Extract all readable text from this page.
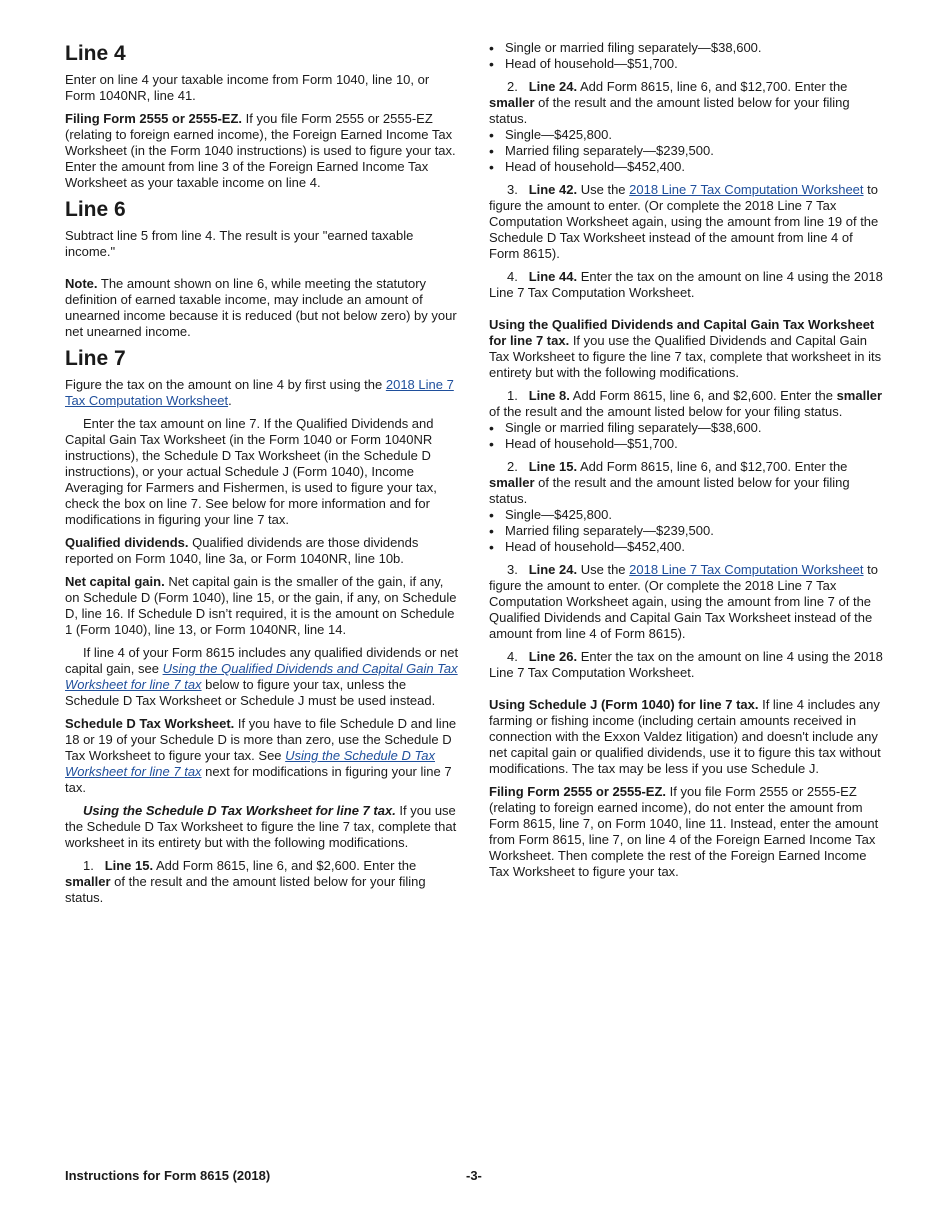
Line 4

Enter on line 4 your taxable income from Form 1040, line 10, or Form 1040NR, line 41.

Filing Form 2555 or 2555-EZ. If you file Form 2555 or 2555-EZ (relating to foreign earned income), the Foreign Earned Income Tax Worksheet (in the Form 1040 instructions) is used to figure your tax. Enter the amount from line 3 of the Foreign Earned Income Tax Worksheet as your taxable income on line 4.

Line 6

Subtract line 5 from line 4. The result is your "earned taxable income."

Note. The amount shown on line 6, while meeting the statutory definition of earned taxable income, may include an amount of unearned income because it is reduced (but not below zero) by your net unearned income.

Line 7

Figure the tax on the amount on line 4 by first using the 2018 Line 7 Tax Computation Worksheet.

Enter the tax amount on line 7. If the Qualified Dividends and Capital Gain Tax Worksheet (in the Form 1040 or Form 1040NR instructions), the Schedule D Tax Worksheet (in the Schedule D instructions), or your actual Schedule J (Form 1040), Income Averaging for Farmers and Fishermen, is used to figure your tax, check the box on line 7. See below for more information and for modifications in figuring your line 7 tax.

Qualified dividends. Qualified dividends are those dividends reported on Form 1040, line 3a, or Form 1040NR, line 10b.

Net capital gain. Net capital gain is the smaller of the gain, if any, on Schedule D (Form 1040), line 15, or the gain, if any, on Schedule D, line 16. If Schedule D isn’t required, it is the amount on Schedule 1 (Form 1040), line 13, or Form 1040NR, line 14.

If line 4 of your Form 8615 includes any qualified dividends or net capital gain, see Using the Qualified Dividends and Capital Gain Tax Worksheet for line 7 tax below to figure your tax, unless the Schedule D Tax Worksheet or Schedule J must be used instead.

Schedule D Tax Worksheet. If you have to file Schedule D and line 18 or 19 of your Schedule D is more than zero, use the Schedule D Tax Worksheet to figure your tax. See Using the Schedule D Tax Worksheet for line 7 tax next for modifications in figuring your line 7 tax.

Using the Schedule D Tax Worksheet for line 7 tax. If you use the Schedule D Tax Worksheet to figure the line 7 tax, complete that worksheet in its entirety but with the following modifications.

1. Line 15. Add Form 8615, line 6, and $2,600. Enter the smaller of the result and the amount listed below for your filing status.

• Single or married filing separately—$38,600.
• Head of household—$51,700.

2. Line 24. Add Form 8615, line 6, and $12,700. Enter the smaller of the result and the amount listed below for your filing status.

• Single—$425,800.
• Married filing separately—$239,500.
• Head of household—$452,400.

3. Line 42. Use the 2018 Line 7 Tax Computation Worksheet to figure the amount to enter. (Or complete the 2018 Line 7 Tax Computation Worksheet again, using the amount from line 19 of the Schedule D Tax Worksheet instead of the amount from line 4 of Form 8615).

4. Line 44. Enter the tax on the amount on line 4 using the 2018 Line 7 Tax Computation Worksheet.

Using the Qualified Dividends and Capital Gain Tax Worksheet for line 7 tax. If you use the Qualified Dividends and Capital Gain Tax Worksheet to figure the line 7 tax, complete that worksheet in its entirety but with the following modifications.

1. Line 8. Add Form 8615, line 6, and $2,600. Enter the smaller of the result and the amount listed below for your filing status.

• Single or married filing separately—$38,600.
• Head of household—$51,700.

2. Line 15. Add Form 8615, line 6, and $12,700. Enter the smaller of the result and the amount listed below for your filing status.

• Single—$425,800.
• Married filing separately—$239,500.
• Head of household—$452,400.

3. Line 24. Use the 2018 Line 7 Tax Computation Worksheet to figure the amount to enter. (Or complete the 2018 Line 7 Tax Computation Worksheet again, using the amount from line 7 of the Qualified Dividends and Capital Gain Tax Worksheet instead of the amount from line 4 of Form 8615).

4. Line 26. Enter the tax on the amount on line 4 using the 2018 Line 7 Tax Computation Worksheet.

Using Schedule J (Form 1040) for line 7 tax. If line 4 includes any farming or fishing income (including certain amounts received in connection with the Exxon Valdez litigation) and doesn't include any net capital gain or qualified dividends, use it to figure this tax without modifications. The tax may be less if you use Schedule J.

Filing Form 2555 or 2555-EZ. If you file Form 2555 or 2555-EZ (relating to foreign earned income), do not enter the amount from Form 8615, line 7, on Form 1040, line 11. Instead, enter the amount from Form 8615, line 7, on line 4 of the Foreign Earned Income Tax Worksheet. Then complete the rest of the Foreign Earned Income Tax Worksheet to figure your tax.

Instructions for Form 8615 (2018)	-3-
